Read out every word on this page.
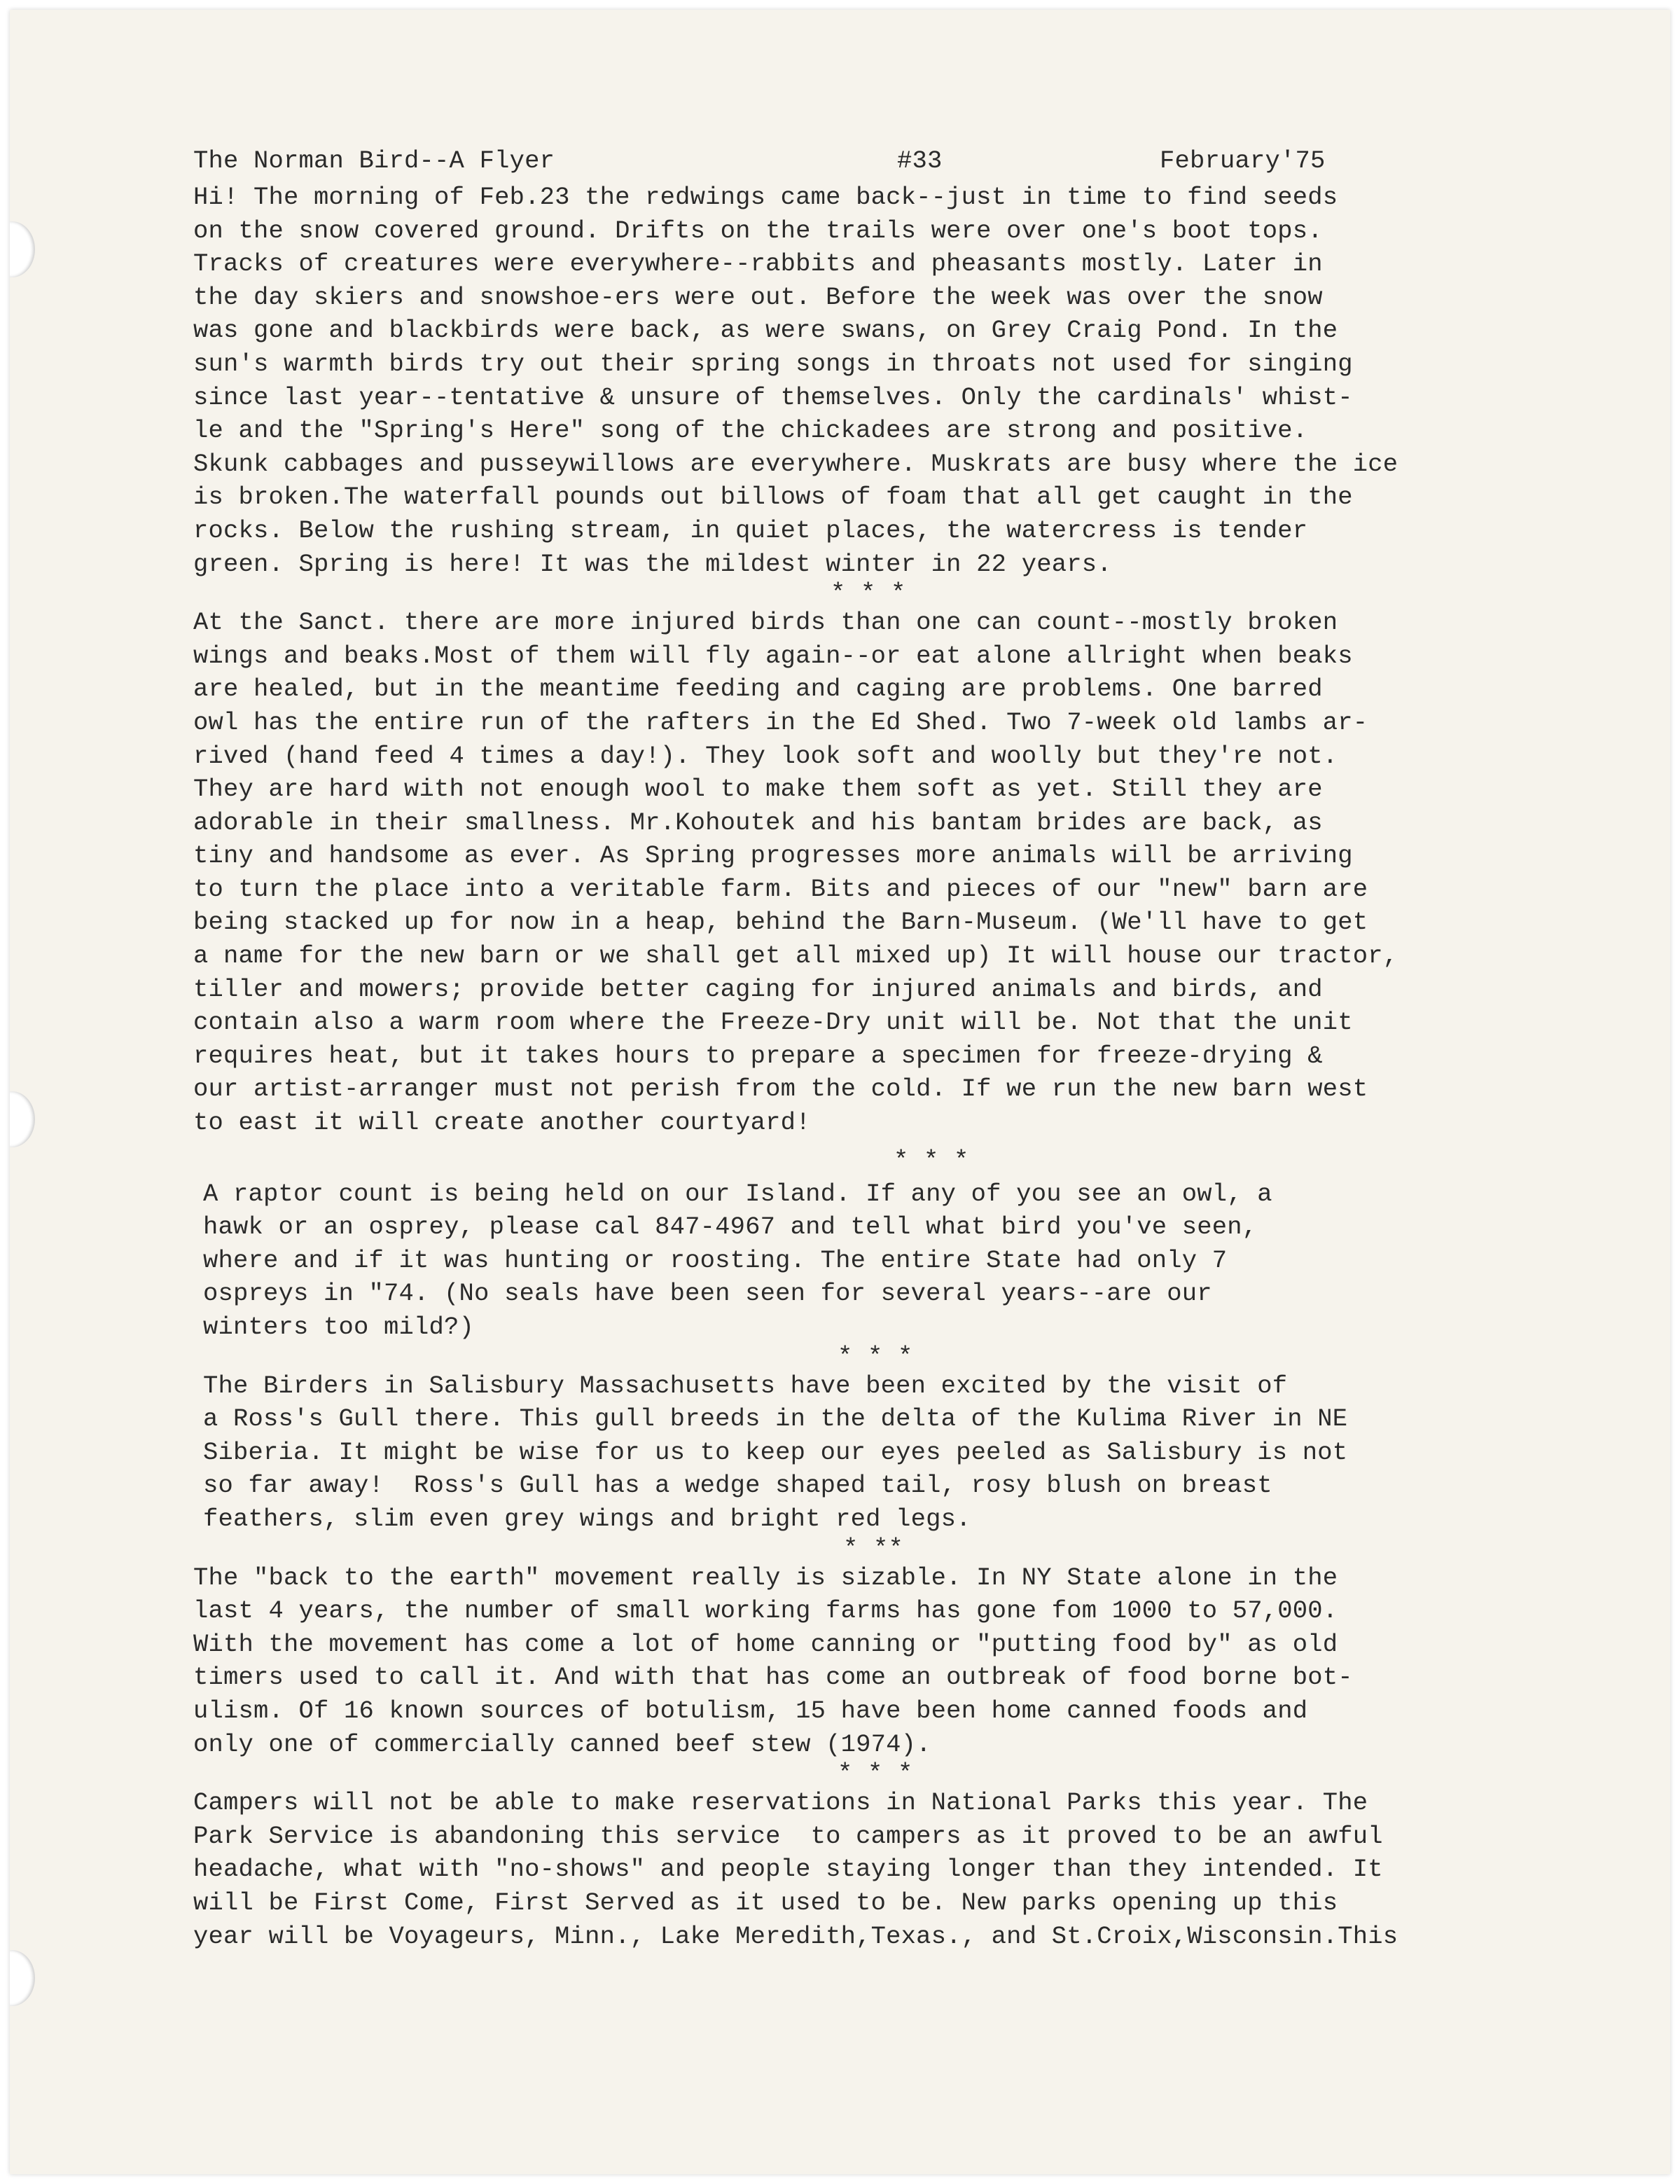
The Norman Bird--A Flyer	#33	February'75
Hi! The morning of Feb.23 the redwings came back--just in time to find seeds
on the snow covered ground. Drifts on the trails were over one's boot tops.
Tracks of creatures were everywhere--rabbits and pheasants mostly. Later in
the day skiers and snowshoe-ers were out. Before the week was over the snow
was gone and blackbirds were back, as were swans, on Grey Craig Pond. In the
sun's warmth birds try out their spring songs in throats not used for singing
since last year--tentative & unsure of themselves. Only the cardinals' whist-
le and the "Spring's Here" song of the chickadees are strong and positive.
Skunk cabbages and pusseywillows are everywhere. Muskrats are busy where the ice
is broken.The waterfall pounds out billows of foam that all get caught in the
rocks. Below the rushing stream, in quiet places, the watercress is tender
green. Spring is here! It was the mildest winter in 22 years.
* * *
At the Sanct. there are more injured birds than one can count--mostly broken
wings and beaks.Most of them will fly again--or eat alone allright when beaks
are healed, but in the meantime feeding and caging are problems. One barred
owl has the entire run of the rafters in the Ed Shed. Two 7-week old lambs ar-
rived (hand feed 4 times a day!). They look soft and woolly but they're not.
They are hard with not enough wool to make them soft as yet. Still they are
adorable in their smallness. Mr.Kohoutek and his bantam brides are back, as
tiny and handsome as ever. As Spring progresses more animals will be arriving
to turn the place into a veritable farm. Bits and pieces of our "new" barn are
being stacked up for now in a heap, behind the Barn-Museum. (We'll have to get
a name for the new barn or we shall get all mixed up) It will house our tractor,
tiller and mowers; provide better caging for injured animals and birds, and
contain also a warm room where the Freeze-Dry unit will be. Not that the unit
requires heat, but it takes hours to prepare a specimen for freeze-drying &
our artist-arranger must not perish from the cold. If we run the new barn west
to east it will create another courtyard!
* * *
A raptor count is being held on our Island. If any of you see an owl, a
hawk or an osprey, please cal 847-4967 and tell what bird you've seen,
where and if it was hunting or roosting. The entire State had only 7
ospreys in "74. (No seals have been seen for several years--are our
winters too mild?)
* * *
The Birders in Salisbury Massachusetts have been excited by the visit of
a Ross's Gull there. This gull breeds in the delta of the Kulima River in NE
Siberia. It might be wise for us to keep our eyes peeled as Salisbury is not
so far away!  Ross's Gull has a wedge shaped tail, rosy blush on breast
feathers, slim even grey wings and bright red legs.
* **
The "back to the earth" movement really is sizable. In NY State alone in the
last 4 years, the number of small working farms has gone fom 1000 to 57,000.
With the movement has come a lot of home canning or "putting food by" as old
timers used to call it. And with that has come an outbreak of food borne bot-
ulism. Of 16 known sources of botulism, 15 have been home canned foods and
only one of commercially canned beef stew (1974).
* * *
Campers will not be able to make reservations in National Parks this year. The
Park Service is abandoning this service  to campers as it proved to be an awful
headache, what with "no-shows" and people staying longer than they intended. It
will be First Come, First Served as it used to be. New parks opening up this
year will be Voyageurs, Minn., Lake Meredith,Texas., and St.Croix,Wisconsin.This
